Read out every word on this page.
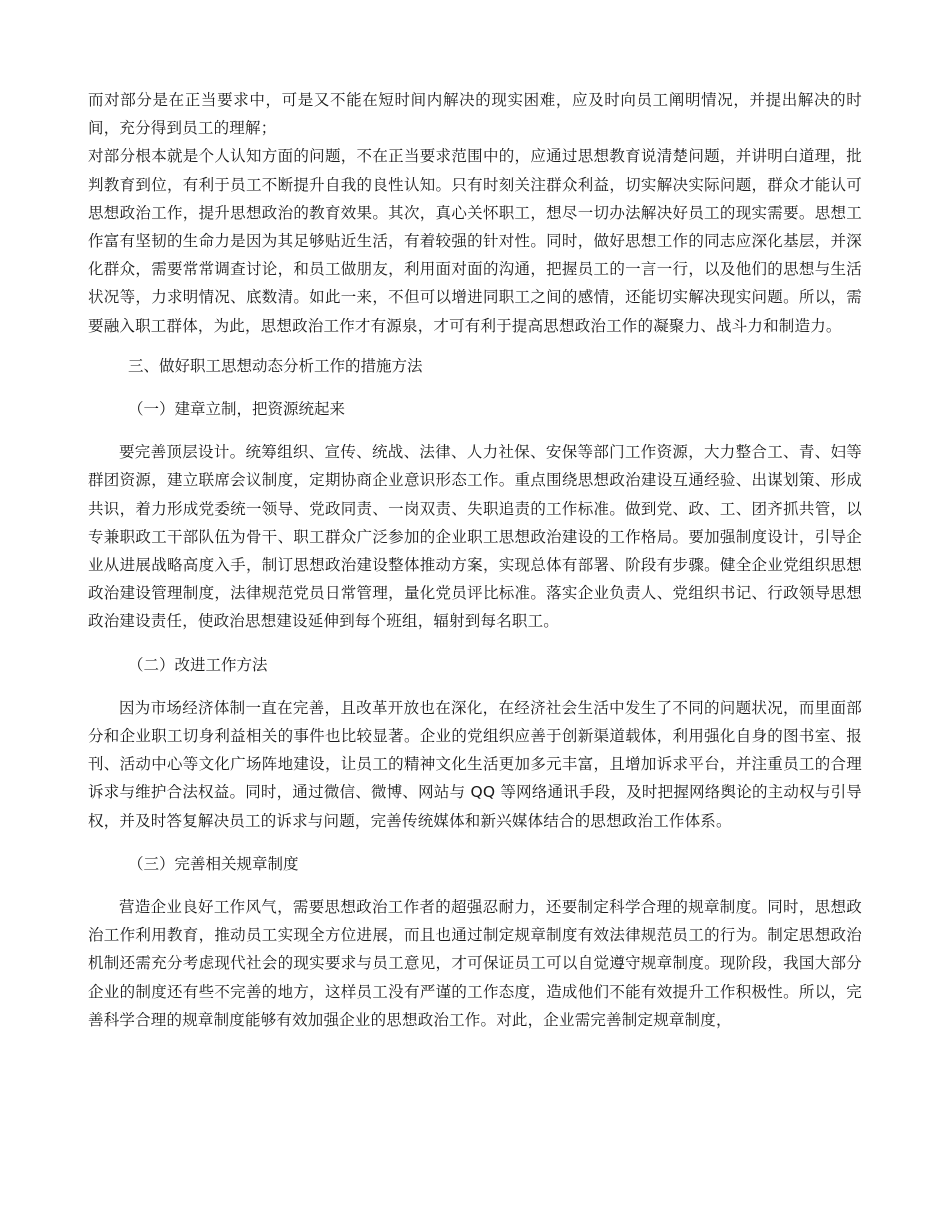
而对部分是在正当要求中，可是又不能在短时间内解决的现实困难，应及时向员工阐明情况，并提出解决的时间，充分得到员工的理解；

对部分根本就是个人认知方面的问题，不在正当要求范围中的，应通过思想教育说清楚问题，并讲明白道理，批判教育到位，有利于员工不断提升自我的良性认知。只有时刻关注群众利益，切实解决实际问题，群众才能认可思想政治工作，提升思想政治的教育效果。其次，真心关怀职工，想尽一切办法解决好员工的现实需要。思想工作富有坚韧的生命力是因为其足够贴近生活，有着较强的针对性。同时，做好思想工作的同志应深化基层，并深化群众，需要常常调查讨论，和员工做朋友，利用面对面的沟通，把握员工的一言一行，以及他们的思想与生活状况等，力求明情况、底数清。如此一来，不但可以增进同职工之间的感情，还能切实解决现实问题。所以，需要融入职工群体，为此，思想政治工作才有源泉，才可有利于提高思想政治工作的凝聚力、战斗力和制造力。

三、做好职工思想动态分析工作的措施方法

（一）建章立制，把资源统起来

要完善顶层设计。统筹组织、宣传、统战、法律、人力社保、安保等部门工作资源，大力整合工、青、妇等群团资源，建立联席会议制度，定期协商企业意识形态工作。重点围绕思想政治建设互通经验、出谋划策、形成共识，着力形成党委统一领导、党政同责、一岗双责、失职追责的工作标准。做到党、政、工、团齐抓共管，以专兼职政工干部队伍为骨干、职工群众广泛参加的企业职工思想政治建设的工作格局。要加强制度设计，引导企业从进展战略高度入手，制订思想政治建设整体推动方案，实现总体有部署、阶段有步骤。健全企业党组织思想政治建设管理制度，法律规范党员日常管理，量化党员评比标准。落实企业负责人、党组织书记、行政领导思想政治建设责任，使政治思想建设延伸到每个班组，辐射到每名职工。

（二）改进工作方法

因为市场经济体制一直在完善，且改革开放也在深化，在经济社会生活中发生了不同的问题状况，而里面部分和企业职工切身利益相关的事件也比较显著。企业的党组织应善于创新渠道载体，利用强化自身的图书室、报刊、活动中心等文化广场阵地建设，让员工的精神文化生活更加多元丰富，且增加诉求平台，并注重员工的合理诉求与维护合法权益。同时，通过微信、微博、网站与 QQ 等网络通讯手段，及时把握网络舆论的主动权与引导权，并及时答复解决员工的诉求与问题，完善传统媒体和新兴媒体结合的思想政治工作体系。

（三）完善相关规章制度

营造企业良好工作风气，需要思想政治工作者的超强忍耐力，还要制定科学合理的规章制度。同时，思想政治工作利用教育，推动员工实现全方位进展，而且也通过制定规章制度有效法律规范员工的行为。制定思想政治机制还需充分考虑现代社会的现实要求与员工意见，才可保证员工可以自觉遵守规章制度。现阶段，我国大部分企业的制度还有些不完善的地方，这样员工没有严谨的工作态度，造成他们不能有效提升工作积极性。所以，完善科学合理的规章制度能够有效加强企业的思想政治工作。对此，企业需完善制定规章制度，
